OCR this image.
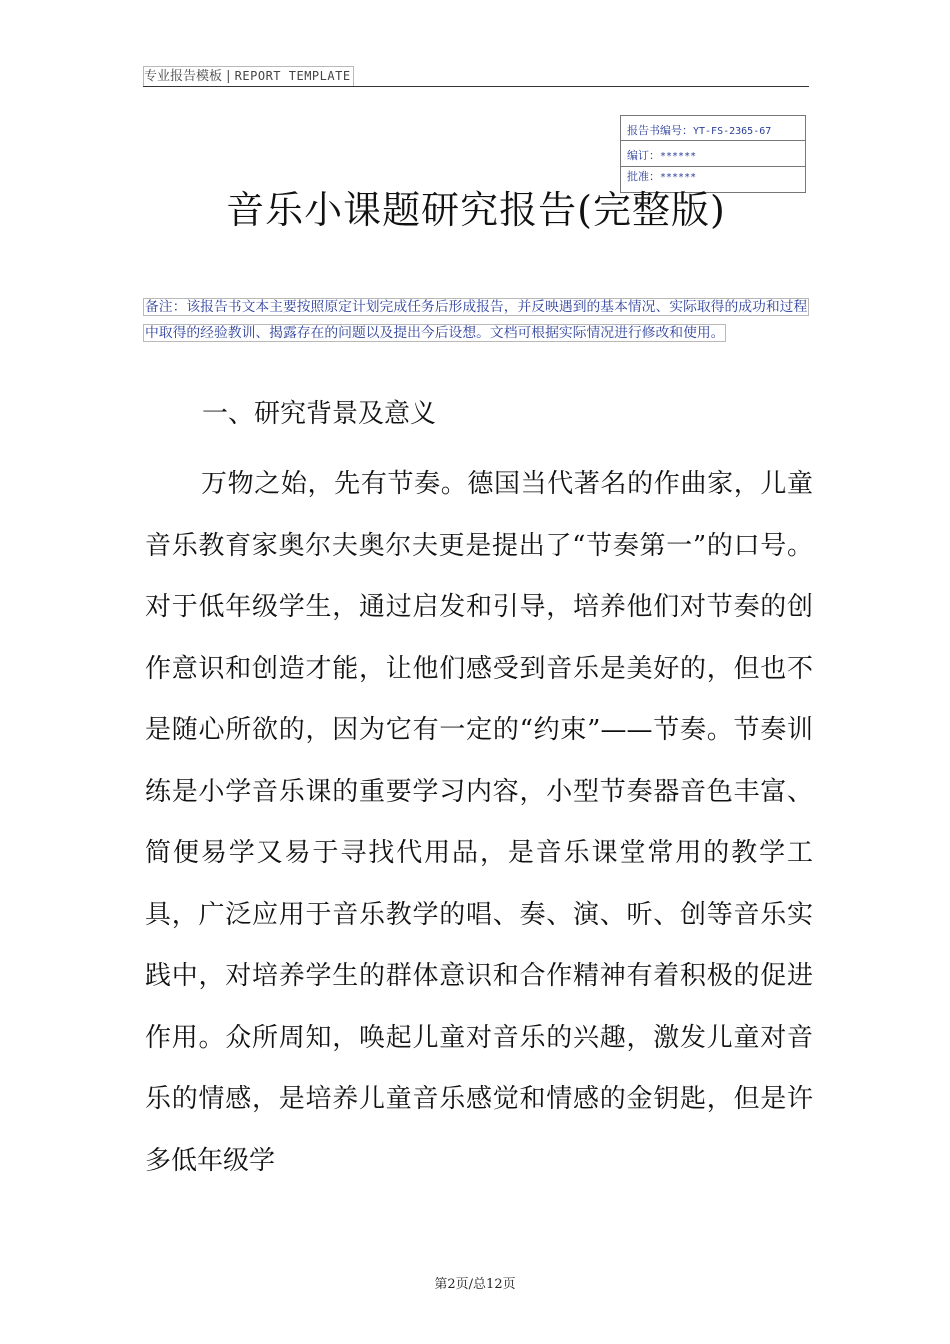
专业报告模板 | REPORT TEMPLATE
报告书编号：YT-FS-2365-67
编订：******
批准：******
音乐小课题研究报告(完整版)

备注：该报告书文本主要按照原定计划完成任务后形成报告，并反映遇到的基本情况、实际取得的成功和过程中取得的经验教训、揭露存在的问题以及提出今后设想。文档可根据实际情况进行修改和使用。

一、研究背景及意义

万物之始，先有节奏。德国当代著名的作曲家，儿童音乐教育家奥尔夫奥尔夫更是提出了“节奏第一”的口号。对于低年级学生，通过启发和引导，培养他们对节奏的创作意识和创造才能，让他们感受到音乐是美好的，但也不是随心所欲的，因为它有一定的“约束”——节奏。节奏训练是小学音乐课的重要学习内容，小型节奏器音色丰富、简便易学又易于寻找代用品，是音乐课堂常用的教学工具，广泛应用于音乐教学的唱、奏、演、听、创等音乐实践中，对培养学生的群体意识和合作精神有着积极的促进作用。众所周知，唤起儿童对音乐的兴趣，激发儿童对音乐的情感，是培养儿童音乐感觉和情感的金钥匙，但是许多低年级学

第2页/总12页
